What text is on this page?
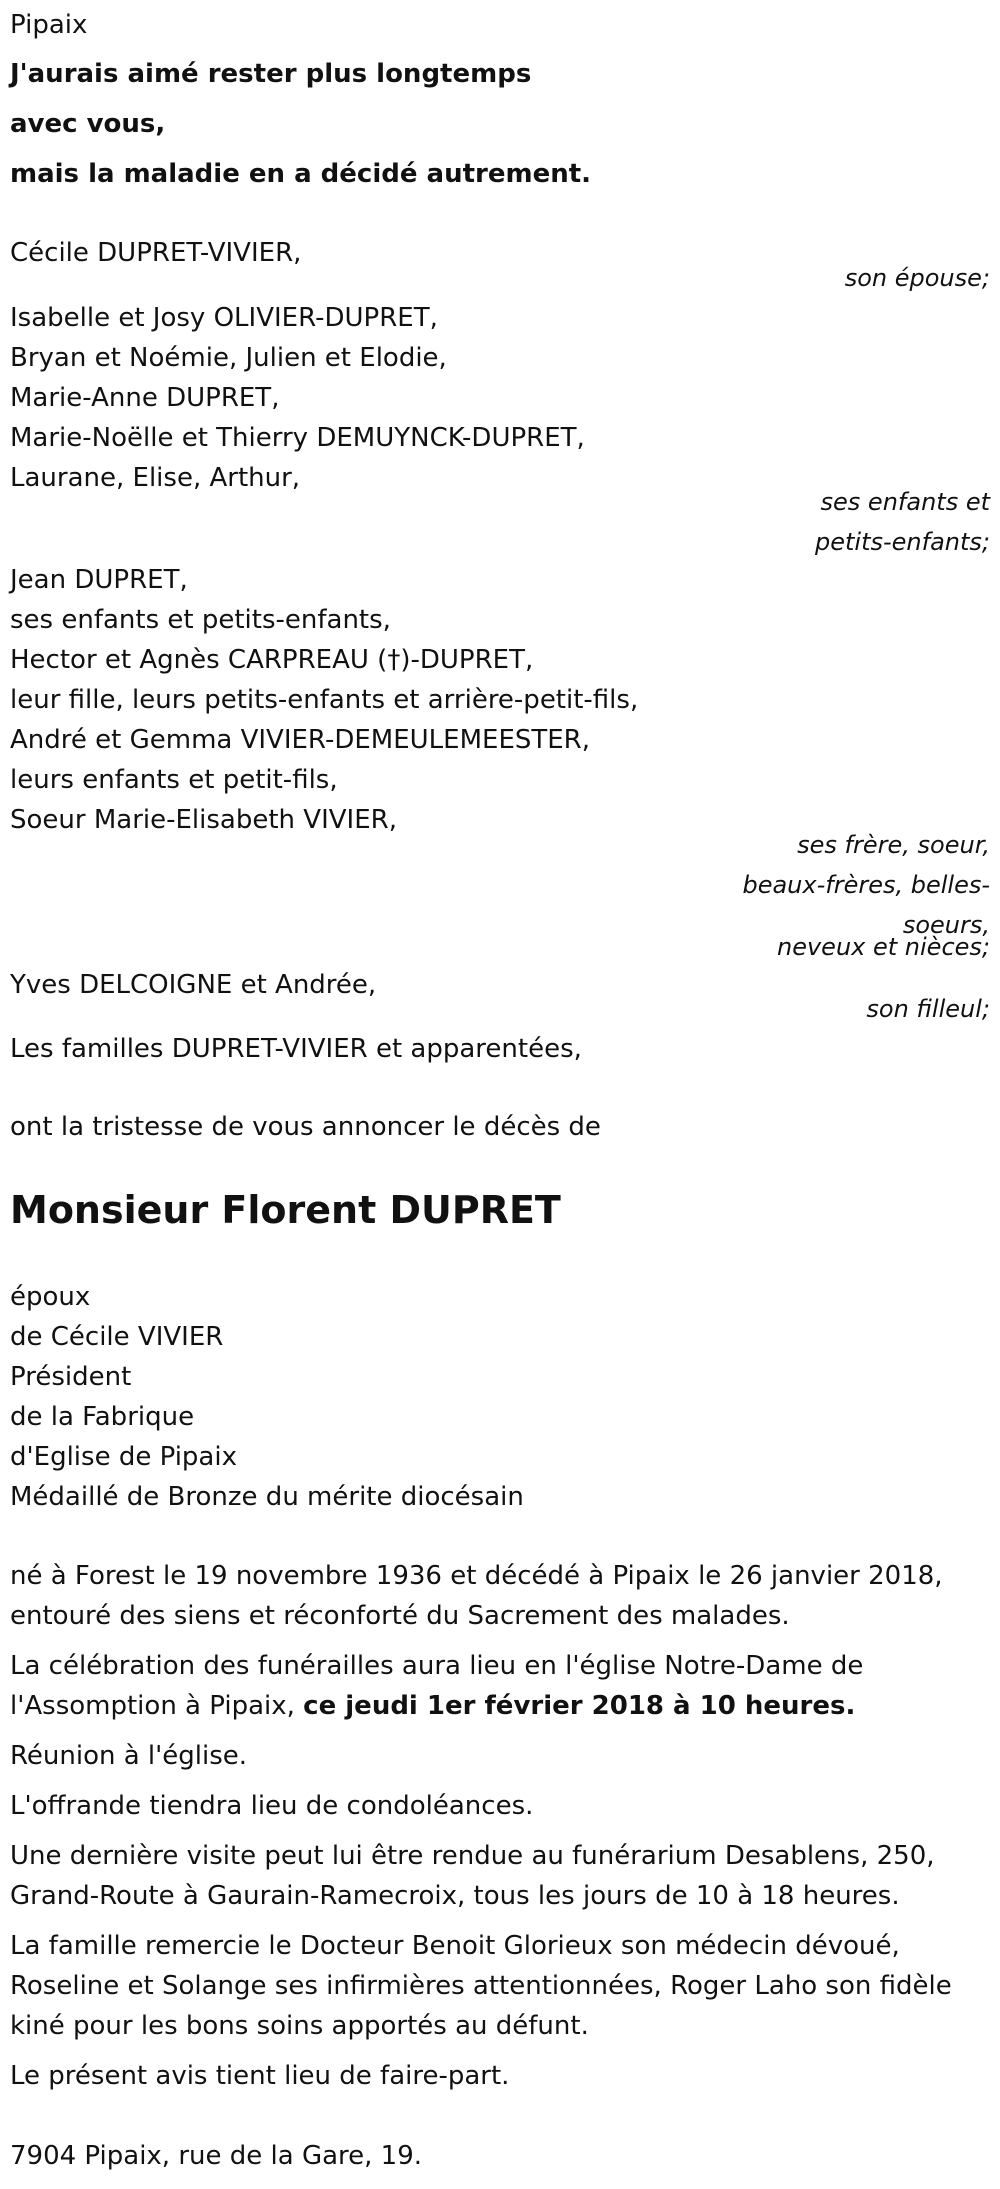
Pipaix

J'aurais aimé rester plus longtemps

avec vous,

mais la maladie en a décidé autrement.

Cécile DUPRET-VIVIER,

son épouse;

Isabelle et Josy OLIVIER-DUPRET,

Bryan et Noémie, Julien et Elodie,

Marie-Anne DUPRET,

Marie-Noëlle et Thierry DEMUYNCK-DUPRET,

Laurane, Elise, Arthur,

ses enfants et

petits-enfants;

Jean DUPRET,

ses enfants et petits-enfants,

Hector et Agnès CARPREAU (†)-DUPRET,

leur fille, leurs petits-enfants et arrière-petit-fils,

André et Gemma VIVIER-DEMEULEMEESTER,

leurs enfants et petit-fils,

Soeur Marie-Elisabeth VIVIER,

ses frère, soeur,

beaux-frères, belles-

soeurs,

neveux et nièces;

Yves DELCOIGNE et Andrée,

son filleul;

Les familles DUPRET-VIVIER et apparentées,

ont la tristesse de vous annoncer le décès de

Monsieur Florent DUPRET

époux

de Cécile VIVIER

Président

de la Fabrique

d'Eglise de Pipaix

Médaillé de Bronze du mérite diocésain

né à Forest le 19 novembre 1936 et décédé à Pipaix le 26 janvier 2018,

entouré des siens et réconforté du Sacrement des malades.

La célébration des funérailles aura lieu en l'église Notre-Dame de

l'Assomption à Pipaix, ce jeudi 1er février 2018 à 10 heures.

Réunion à l'église.

L'offrande tiendra lieu de condoléances.

Une dernière visite peut lui être rendue au funérarium Desablens, 250,

Grand-Route à Gaurain-Ramecroix, tous les jours de 10 à 18 heures.

La famille remercie le Docteur Benoit Glorieux son médecin dévoué,

Roseline et Solange ses infirmières attentionnées, Roger Laho son fidèle

kiné pour les bons soins apportés au défunt.

Le présent avis tient lieu de faire-part.

7904 Pipaix, rue de la Gare, 19.
